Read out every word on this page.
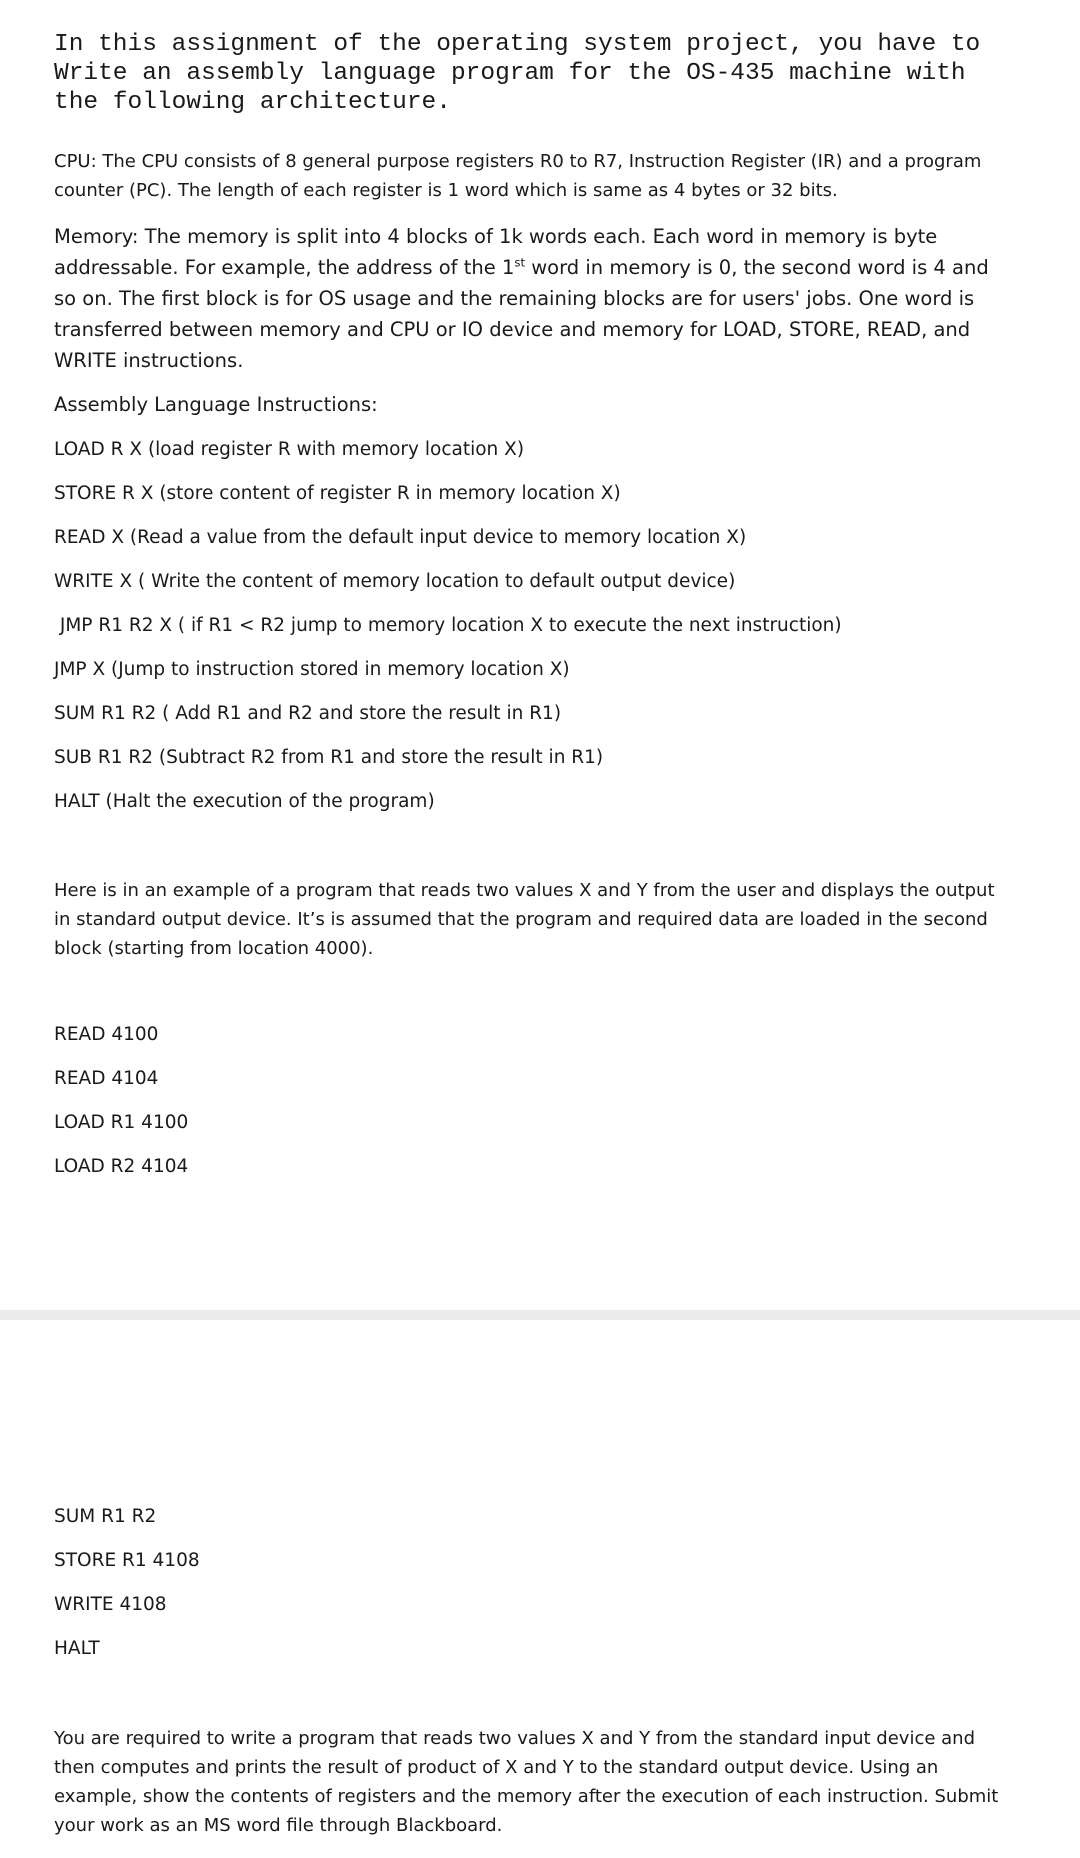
In this assignment of the operating system project, you have to
Write an assembly language program for the OS-435 machine with
the following architecture.
CPU: The CPU consists of 8 general purpose registers R0 to R7, Instruction Register (IR) and a program
counter (PC). The length of each register is 1 word which is same as 4 bytes or 32 bits.
Memory: The memory is split into 4 blocks of 1k words each. Each word in memory is byte
addressable. For example, the address of the 1st word in memory is 0, the second word is 4 and
so on. The first block is for OS usage and the remaining blocks are for users' jobs. One word is
transferred between memory and CPU or IO device and memory for LOAD, STORE, READ, and
WRITE instructions.
Assembly Language Instructions:
LOAD R X (load register R with memory location X)
STORE R X (store content of register R in memory location X)
READ X (Read a value from the default input device to memory location X)
WRITE X ( Write the content of memory location to default output device)
JMP R1 R2 X ( if R1 < R2 jump to memory location X to execute the next instruction)
JMP X (Jump to instruction stored in memory location X)
SUM R1 R2 ( Add R1 and R2 and store the result in R1)
SUB R1 R2 (Subtract R2 from R1 and store the result in R1)
HALT (Halt the execution of the program)
Here is in an example of a program that reads two values X and Y from the user and displays the output
in standard output device. It’s is assumed that the program and required data are loaded in the second
block (starting from location 4000).
READ 4100
READ 4104
LOAD R1 4100
LOAD R2 4104
SUM R1 R2
STORE R1 4108
WRITE 4108
HALT
You are required to write a program that reads two values X and Y from the standard input device and
then computes and prints the result of product of X and Y to the standard output device. Using an
example, show the contents of registers and the memory after the execution of each instruction. Submit
your work as an MS word file through Blackboard.
